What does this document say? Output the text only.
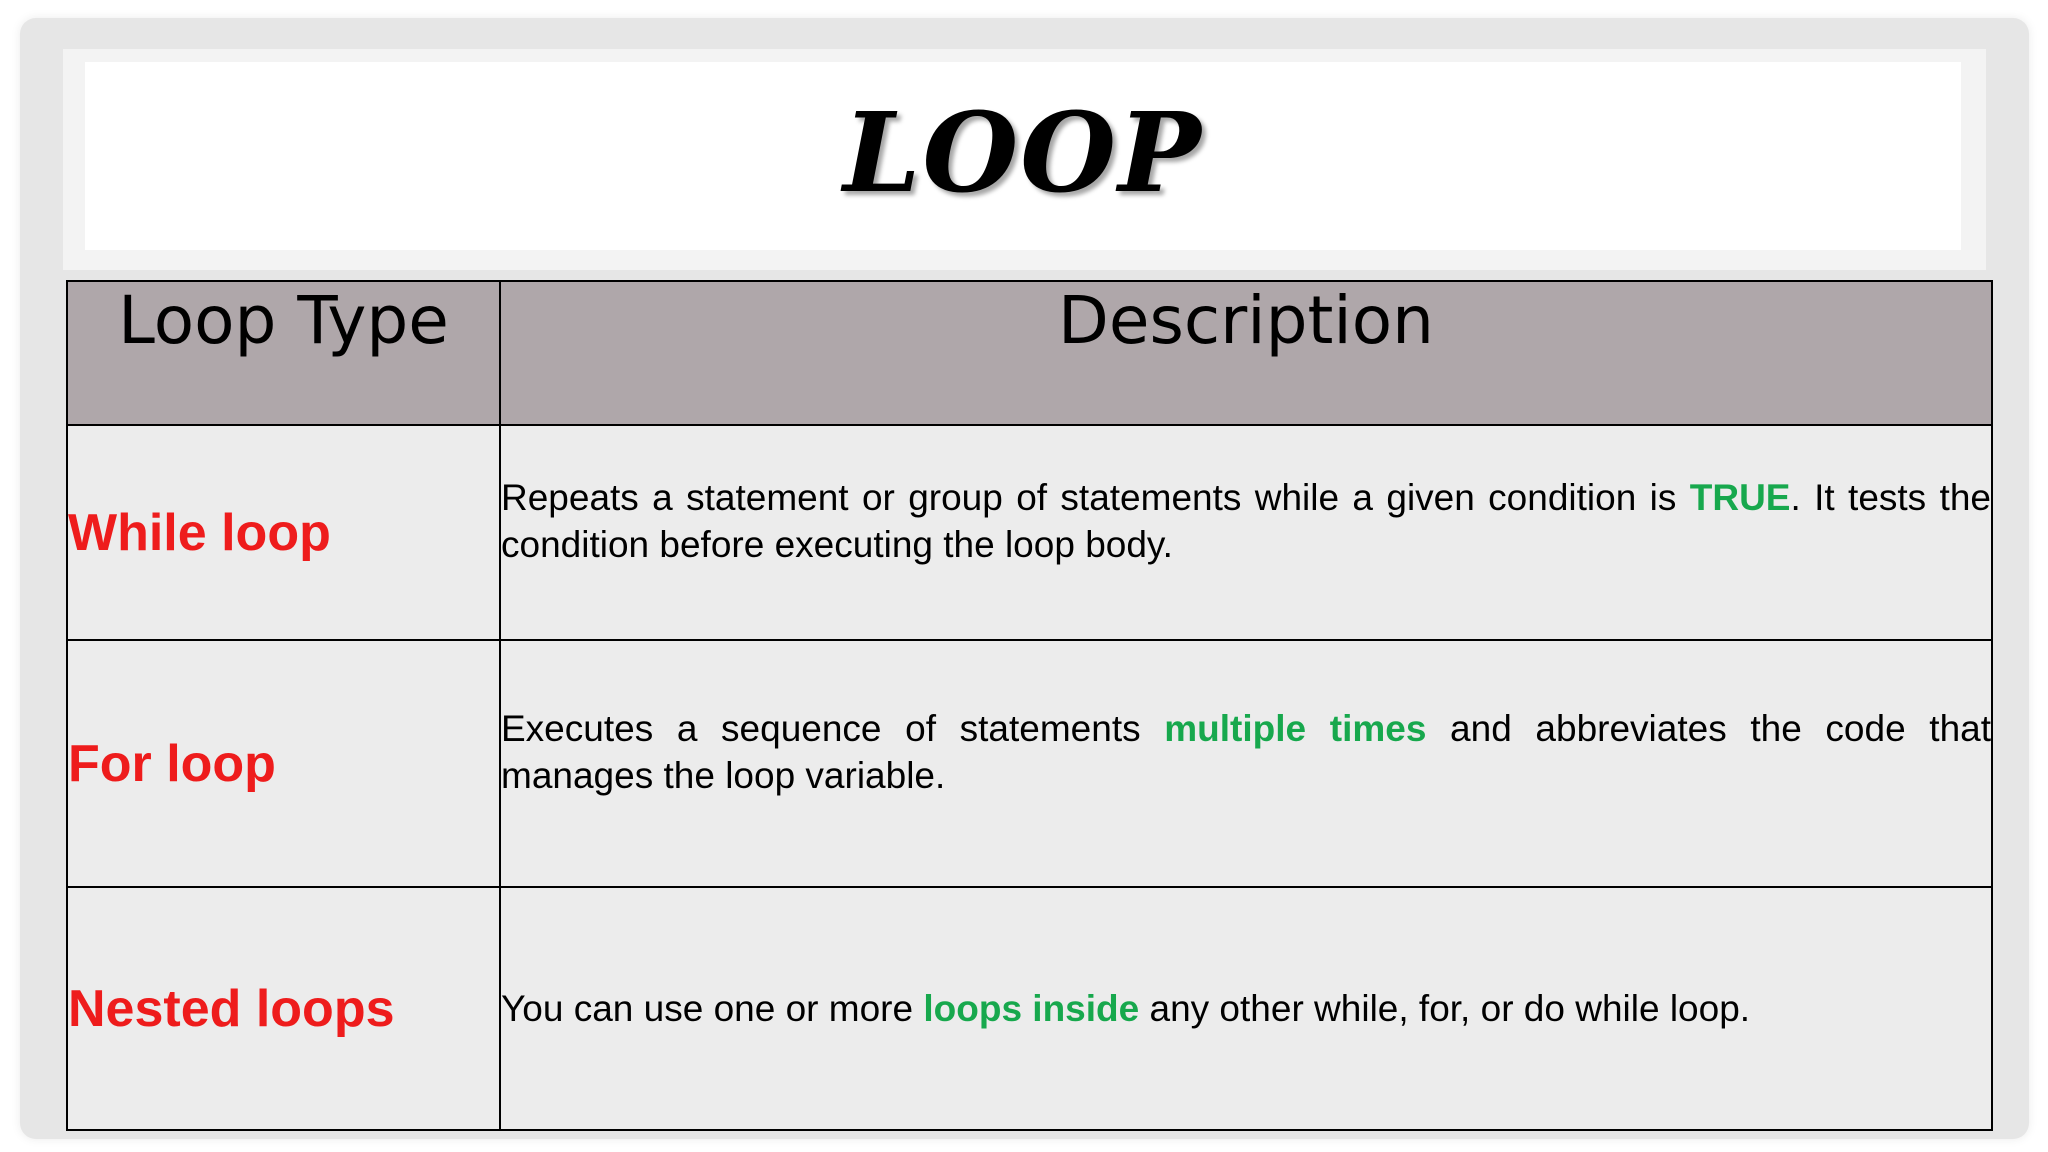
LOOP
Loop Type	Description
While loop	Repeats a statement or group of statements while a given condition is TRUE. It tests the condition before executing the loop body.

For loop	Executes a sequence of statements multiple times and abbreviates the code that manages the loop variable.

Nested loops	You can use one or more loops inside any other while, for, or do while loop.
